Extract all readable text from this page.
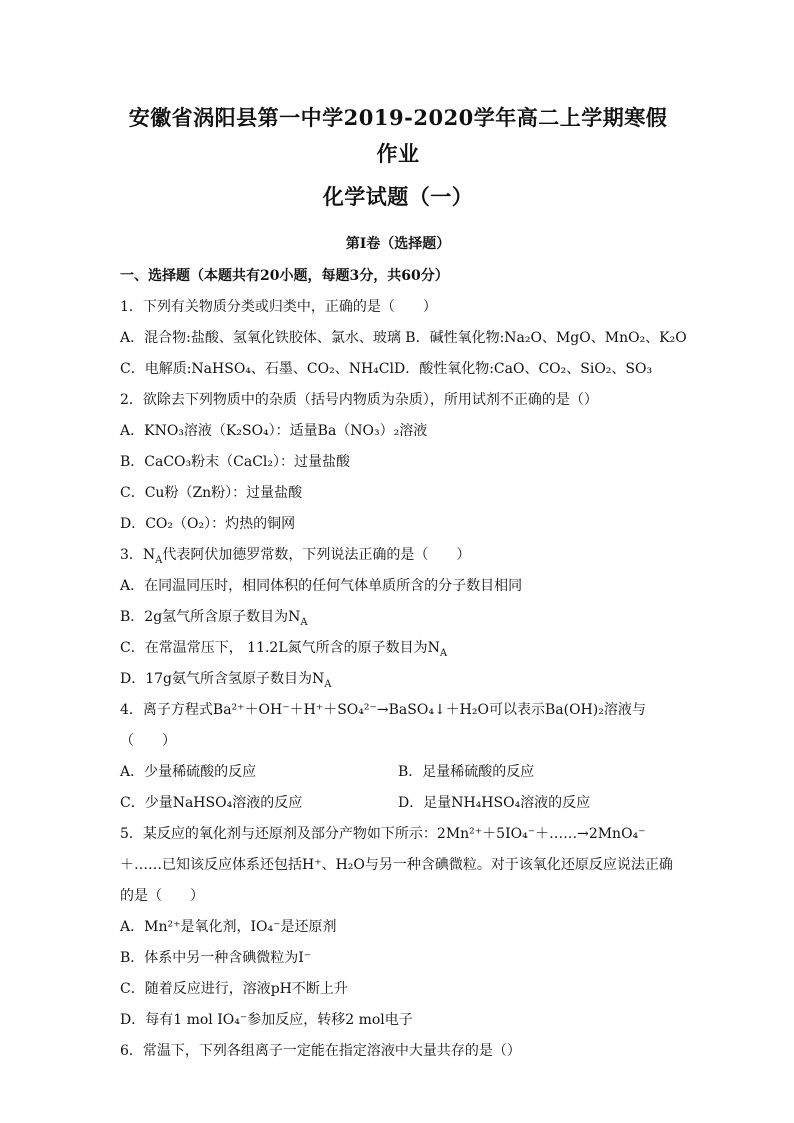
安徽省涡阳县第一中学2019-2020学年高二上学期寒假作业
化学试题（一）
第Ⅰ卷（选择题）
一、选择题（本题共有20小题，每题3分，共60分）
1．下列有关物质分类或归类中，正确的是（　　）
A．混合物:盐酸、氢氧化铁胶体、氯水、玻璃 B．碱性氧化物:Na₂O、MgO、MnO₂、K₂O
C．电解质:NaHSO₄、石墨、CO₂、NH₄ClD．酸性氧化物:CaO、CO₂、SiO₂、SO₃
2．欲除去下列物质中的杂质（括号内物质为杂质），所用试剂不正确的是（）
A．KNO₃溶液（K₂SO₄）：适量Ba（NO₃）₂溶液
B．CaCO₃粉末（CaCl₂）：过量盐酸
C．Cu粉（Zn粉）：过量盐酸
D．CO₂（O₂）：灼热的铜网
3．$N_A$代表阿伏加德罗常数，下列说法正确的是（　　）
A．在同温同压时，相同体积的任何气体单质所含的分子数目相同
B．2g氢气所含原子数目为$N_A$
C．在常温常压下， 11.2L氮气所含的原子数目为$N_A$
D．17g氨气所含氢原子数目为$N_A$
4．离子方程式Ba²⁺＋OH⁻＋H⁺＋SO₄²⁻→BaSO₄↓＋H₂O可以表示Ba(OH)₂溶液与
（　　）
A．少量稀硫酸的反应	B．足量稀硫酸的反应
C．少量NaHSO₄溶液的反应	D．足量NH₄HSO₄溶液的反应
5．某反应的氧化剂与还原剂及部分产物如下所示：2Mn²⁺＋5IO₄⁻＋……→2MnO₄⁻
＋……已知该反应体系还包括H⁺、H₂O与另一种含碘微粒。对于该氧化还原反应说法正确
的是（　　）
A．Mn²⁺是氧化剂，IO₄⁻是还原剂
B．体系中另一种含碘微粒为I⁻
C．随着反应进行，溶液pH不断上升
D．每有1 mol IO₄⁻参加反应，转移2 mol电子
6．常温下，下列各组离子一定能在指定溶液中大量共存的是（）
